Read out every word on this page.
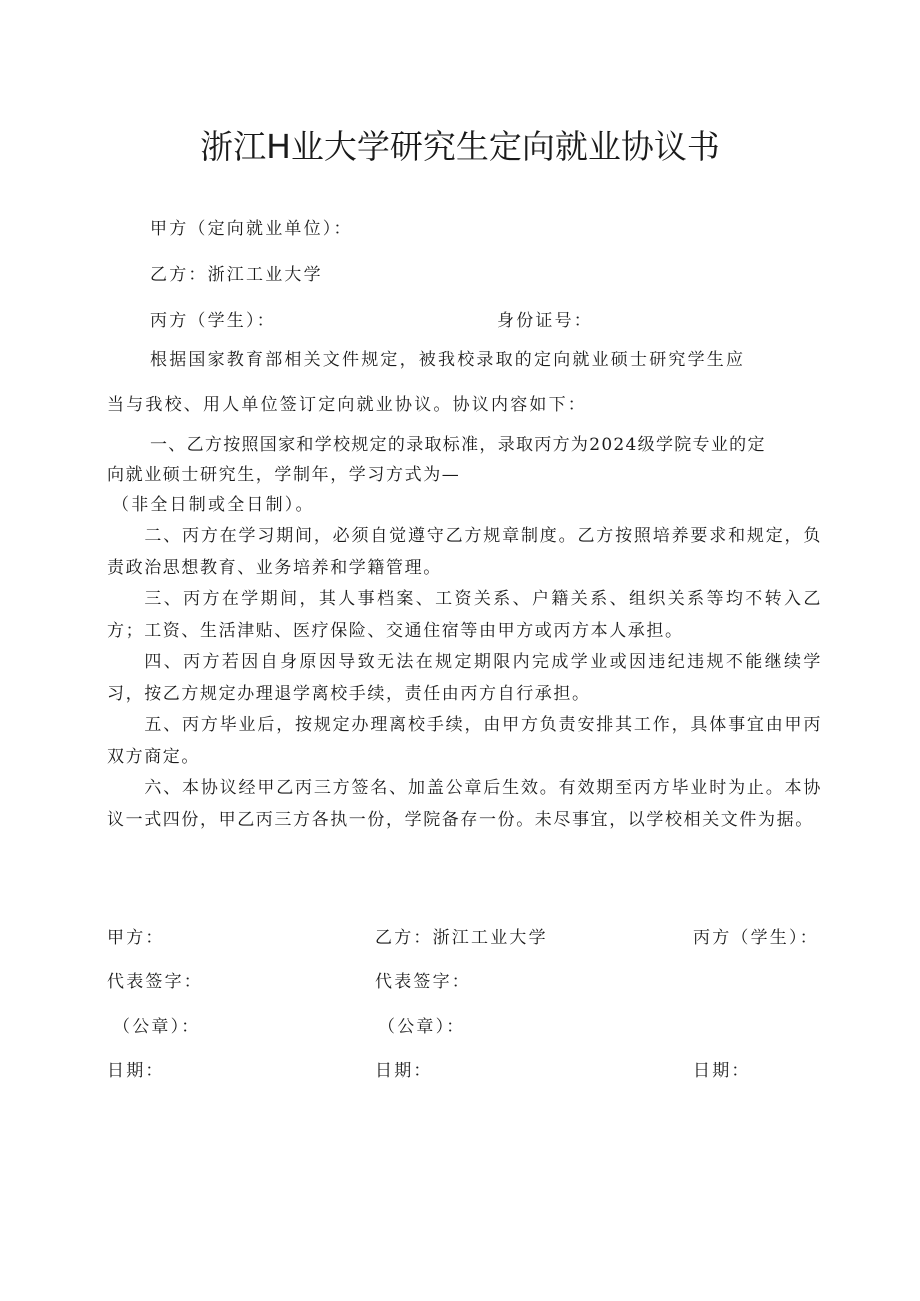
浙江H业大学研究生定向就业协议书
甲方（定向就业单位）：
乙方：浙江工业大学
丙方（学生）：	身份证号：
根据国家教育部相关文件规定，被我校录取的定向就业硕士研究学生应
当与我校、用人单位签订定向就业协议。协议内容如下：
一、乙方按照国家和学校规定的录取标准，录取丙方为2024级学院专业的定
向就业硕士研究生，学制年，学习方式为—
（非全日制或全日制）。

二、丙方在学习期间，必须自觉遵守乙方规章制度。乙方按照培养要求和规定，负责政治思想教育、业务培养和学籍管理。

三、丙方在学期间，其人事档案、工资关系、户籍关系、组织关系等均不转入乙方；工资、生活津贴、医疗保险、交通住宿等由甲方或丙方本人承担。

四、丙方若因自身原因导致无法在规定期限内完成学业或因违纪违规不能继续学习，按乙方规定办理退学离校手续，责任由丙方自行承担。

五、丙方毕业后，按规定办理离校手续，由甲方负责安排其工作，具体事宜由甲丙双方商定。

六、本协议经甲乙丙三方签名、加盖公章后生效。有效期至丙方毕业时为止。本协议一式四份，甲乙丙三方各执一份，学院备存一份。未尽事宜，以学校相关文件为据。

甲方：	乙方：浙江工业大学	丙方（学生）：
代表签字：	代表签字：
（公章）：	（公章）：
日期：	日期：	日期：
